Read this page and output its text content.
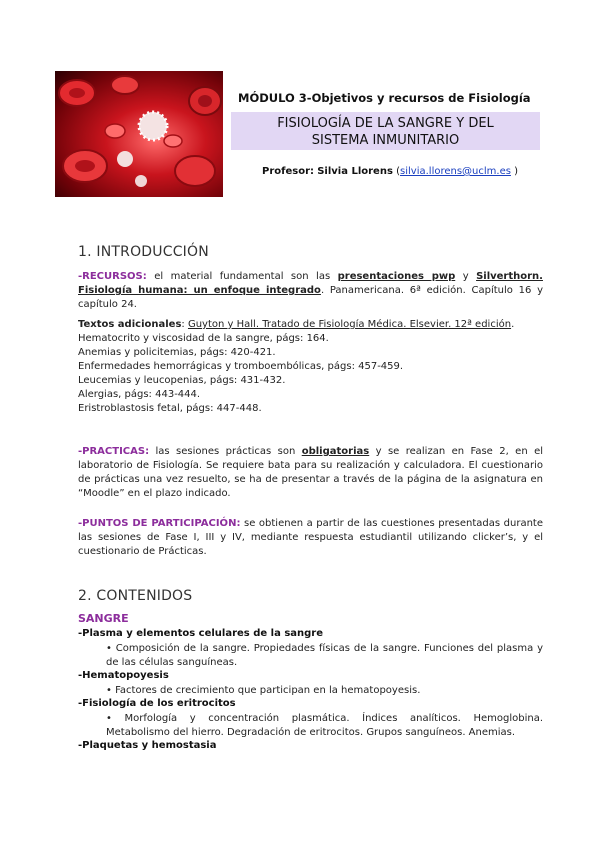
MÓDULO 3-Objetivos y recursos de Fisiología
FISIOLOGÍA DE LA SANGRE Y DEL
SISTEMA INMUNITARIO
Profesor: Silvia Llorens (silvia.llorens@uclm.es )
1. INTRODUCCIÓN
-RECURSOS: el material fundamental son las presentaciones pwp y Silverthorn. Fisiología humana: un enfoque integrado. Panamericana. 6ª edición. Capítulo 16 y capítulo 24.
Textos adicionales: Guyton y Hall. Tratado de Fisiología Médica. Elsevier. 12ª edición.
Hematocrito y viscosidad de la sangre, págs: 164.
Anemias y policitemias, págs: 420-421.
Enfermedades hemorrágicas y tromboembólicas, págs: 457-459.
Leucemias y leucopenias, págs: 431-432.
Alergias, págs: 443-444.
Eristroblastosis fetal, págs: 447-448.
-PRACTICAS: las sesiones prácticas son obligatorias y se realizan en Fase 2, en el laboratorio de Fisiología. Se requiere bata para su realización y calculadora. El cuestionario de prácticas una vez resuelto, se ha de presentar a través de la página de la asignatura en “Moodle” en el plazo indicado.
-PUNTOS DE PARTICIPACIÓN: se obtienen a partir de las cuestiones presentadas durante las sesiones de Fase I, III y IV, mediante respuesta estudiantil utilizando clicker’s, y el cuestionario de Prácticas.
2. CONTENIDOS
SANGRE
-Plasma y elementos celulares de la sangre
• Composición de la sangre. Propiedades físicas de la sangre. Funciones del plasma y de las células sanguíneas.
-Hematopoyesis
• Factores de crecimiento que participan en la hematopoyesis.
-Fisiología de los eritrocitos
• Morfología y concentración plasmática. Índices analíticos. Hemoglobina. Metabolismo del hierro. Degradación de eritrocitos. Grupos sanguíneos. Anemias.
-Plaquetas y hemostasia
